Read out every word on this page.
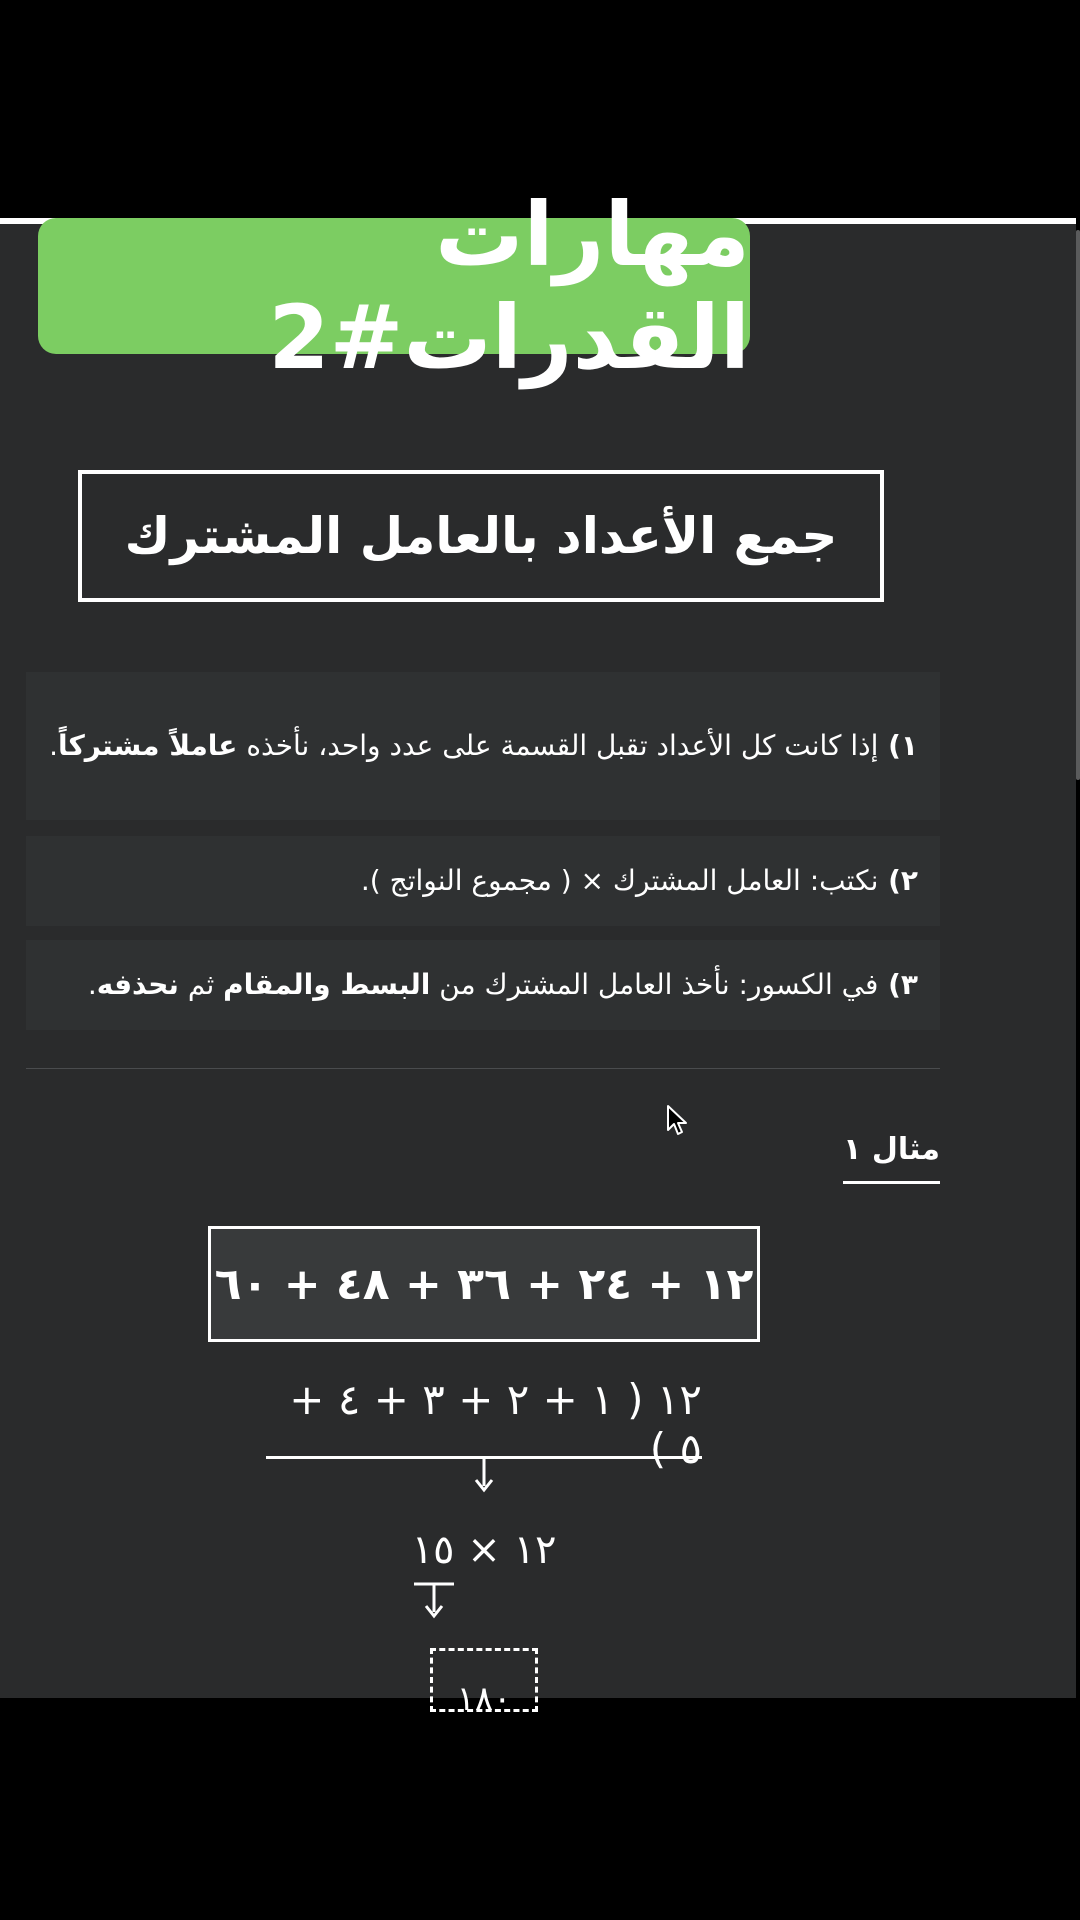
مهارات القدرات#2
جمع الأعداد بالعامل المشترك
١) إذا كانت كل الأعداد تقبل القسمة على عدد واحد، نأخذه عاملاً مشتركاً.
٢) نكتب: العامل المشترك × ( مجموع النواتج ).
٣) في الكسور: نأخذ العامل المشترك من البسط والمقام ثم نحذفه.
مثال ١
١٢ + ٢٤ + ٣٦ + ٤٨ + ٦٠
١٢ ( ١ + ٢ + ٣ + ٤ + ٥ )
١٢ × ١٥
١٨٠
